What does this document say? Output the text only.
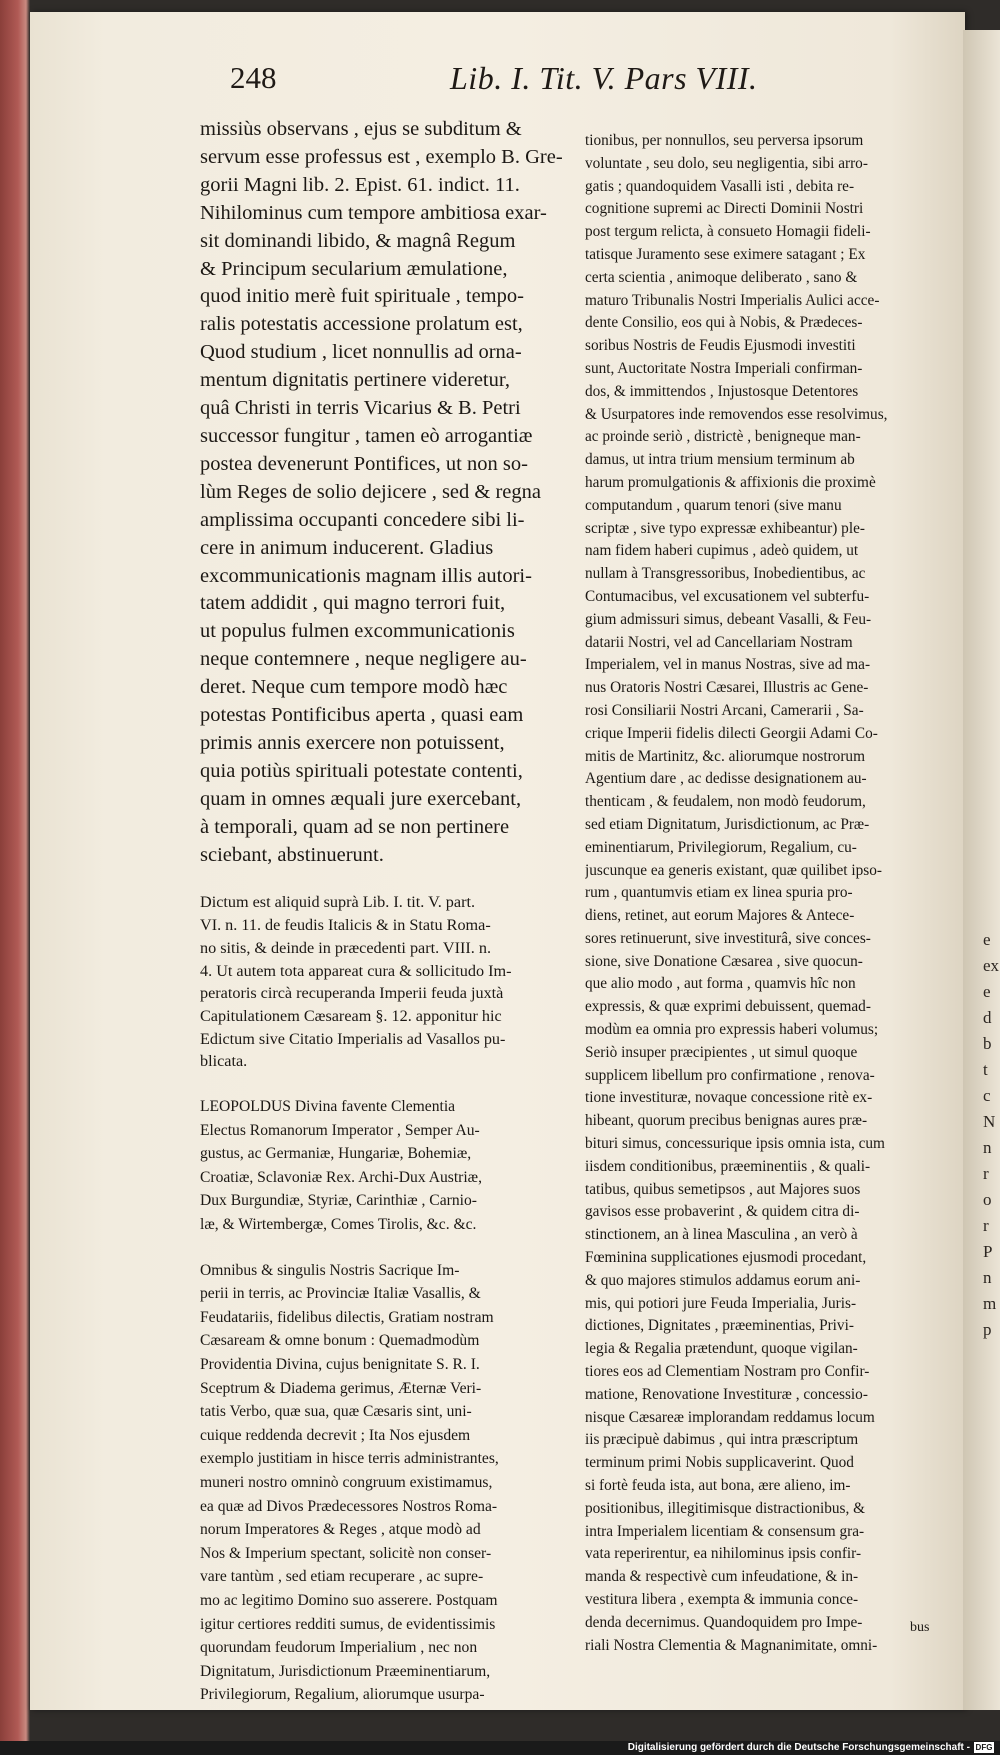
248	Lib. I. Tit. V. Pars VIII.
missiùs observans , ejus se subditum &
servum esse professus est , exemplo B. Gre-
gorii Magni lib. 2. Epist. 61. indict. 11.
Nihilominus cum tempore ambitiosa exar-
sit dominandi libido, & magnâ Regum
& Principum secularium æmulatione,
quod initio merè fuit spirituale , tempo-
ralis potestatis accessione prolatum est,
Quod studium , licet nonnullis ad orna-
mentum dignitatis pertinere videretur,
quâ Christi in terris Vicarius & B. Petri
successor fungitur , tamen eò arrogantiæ
postea devenerunt Pontifices, ut non so-
lùm Reges de solio dejicere , sed & regna
amplissima occupanti concedere sibi li-
cere in animum inducerent. Gladius
excommunicationis magnam illis autori-
tatem addidit , qui magno terrori fuit,
ut populus fulmen excommunicationis
neque contemnere , neque negligere au-
deret. Neque cum tempore modò hæc
potestas Pontificibus aperta , quasi eam
primis annis exercere non potuissent,
quia potiùs spirituali potestate contenti,
quam in omnes æquali jure exercebant,
à temporali, quam ad se non pertinere
sciebant, abstinuerunt.
Dictum est aliquid suprà Lib. I. tit. V. part.
VI. n. 11. de feudis Italicis & in Statu Roma-
no sitis, & deinde in præcedenti part. VIII. n.
4. Ut autem tota appareat cura & sollicitudo Im-
peratoris circà recuperanda Imperii feuda juxtà
Capitulationem Cæsaream §. 12. apponitur hic
Edictum sive Citatio Imperialis ad Vasallos pu-
blicata.
LEOPOLDUS Divina favente Clementia
Electus Romanorum Imperator , Semper Au-
gustus, ac Germaniæ, Hungariæ, Bohemiæ,
Croatiæ, Sclavoniæ Rex. Archi-Dux Austriæ,
Dux Burgundiæ, Styriæ, Carinthiæ , Carnio-
læ, & Wirtembergæ, Comes Tirolis, &c. &c.
Omnibus & singulis Nostris Sacrique Im-
perii in terris, ac Provinciæ Italiæ Vasallis, &
Feudatariis, fidelibus dilectis, Gratiam nostram
Cæsaream & omne bonum : Quemadmodùm
Providentia Divina, cujus benignitate S. R. I.
Sceptrum & Diadema gerimus, Æternæ Veri-
tatis Verbo, quæ sua, quæ Cæsaris sint, uni-
cuique reddenda decrevit ; Ita Nos ejusdem
exemplo justitiam in hisce terris administrantes,
muneri nostro omninò congruum existimamus,
ea quæ ad Divos Prædecessores Nostros Roma-
norum Imperatores & Reges , atque modò ad
Nos & Imperium spectant, solicitè non conser-
vare tantùm , sed etiam recuperare , ac supre-
mo ac legitimo Domino suo asserere. Postquam
igitur certiores redditi sumus, de evidentissimis
quorundam feudorum Imperialium , nec non
Dignitatum, Jurisdictionum Præeminentiarum,
Privilegiorum, Regalium, aliorumque usurpa-
tionibus, per nonnullos, seu perversa ipsorum
voluntate , seu dolo, seu negligentia, sibi arro-
gatis ; quandoquidem Vasalli isti , debita re-
cognitione supremi ac Directi Dominii Nostri
post tergum relicta, à consueto Homagii fideli-
tatisque Juramento sese eximere satagant ; Ex
certa scientia , animoque deliberato , sano &
maturo Tribunalis Nostri Imperialis Aulici acce-
dente Consilio, eos qui à Nobis, & Prædeces-
soribus Nostris de Feudis Ejusmodi investiti
sunt, Auctoritate Nostra Imperiali confirman-
dos, & immittendos , Injustosque Detentores
& Usurpatores inde removendos esse resolvimus,
ac proinde seriò , districtè , benigneque man-
damus, ut intra trium mensium terminum ab
harum promulgationis & affixionis die proximè
computandum , quarum tenori (sive manu
scriptæ , sive typo expressæ exhibeantur) ple-
nam fidem haberi cupimus , adeò quidem, ut
nullam à Transgressoribus, Inobedientibus, ac
Contumacibus, vel excusationem vel subterfu-
gium admissuri simus, debeant Vasalli, & Feu-
datarii Nostri, vel ad Cancellariam Nostram
Imperialem, vel in manus Nostras, sive ad ma-
nus Oratoris Nostri Cæsarei, Illustris ac Gene-
rosi Consiliarii Nostri Arcani, Camerarii , Sa-
crique Imperii fidelis dilecti Georgii Adami Co-
mitis de Martinitz, &c. aliorumque nostrorum
Agentium dare , ac dedisse designationem au-
thenticam , & feudalem, non modò feudorum,
sed etiam Dignitatum, Jurisdictionum, ac Præ-
eminentiarum, Privilegiorum, Regalium, cu-
juscunque ea generis existant, quæ quilibet ipso-
rum , quantumvis etiam ex linea spuria pro-
diens, retinet, aut eorum Majores & Antece-
sores retinuerunt, sive investiturâ, sive conces-
sione, sive Donatione Cæsarea , sive quocun-
que alio modo , aut forma , quamvis hîc non
expressis, & quæ exprimi debuissent, quemad-
modùm ea omnia pro expressis haberi volumus;
Seriò insuper præcipientes , ut simul quoque
supplicem libellum pro confirmatione , renova-
tione investituræ, novaque concessione ritè ex-
hibeant, quorum precibus benignas aures præ-
bituri simus, concessurique ipsis omnia ista, cum
iisdem conditionibus, præeminentiis , & quali-
tatibus, quibus semetipsos , aut Majores suos
gavisos esse probaverint , & quidem citra di-
stinctionem, an à linea Masculina , an verò à
Fœminina supplicationes ejusmodi procedant,
& quo majores stimulos addamus eorum ani-
mis, qui potiori jure Feuda Imperialia, Juris-
dictiones, Dignitates , præeminentias, Privi-
legia & Regalia prætendunt, quoque vigilan-
tiores eos ad Clementiam Nostram pro Confir-
matione, Renovatione Investituræ , concessio-
nisque Cæsareæ implorandam reddamus locum
iis præcipuè dabimus , qui intra præscriptum
terminum primi Nobis supplicaverint. Quod
si fortè feuda ista, aut bona, ære alieno, im-
positionibus, illegitimisque distractionibus, &
intra Imperialem licentiam & consensum gra-
vata reperirentur, ea nihilominus ipsis confir-
manda & respectivè cum infeudatione, & in-
vestitura libera , exempta & immunia conce-
denda decernimus. Quandoquidem pro Impe-
riali Nostra Clementia & Magnanimitate, omni-
bus
e
ex
e
d
b
t
c
N
n
r
o
r
P
n
m
p
Digitalisierung gefördert durch die Deutsche Forschungsgemeinschaft - DFG
